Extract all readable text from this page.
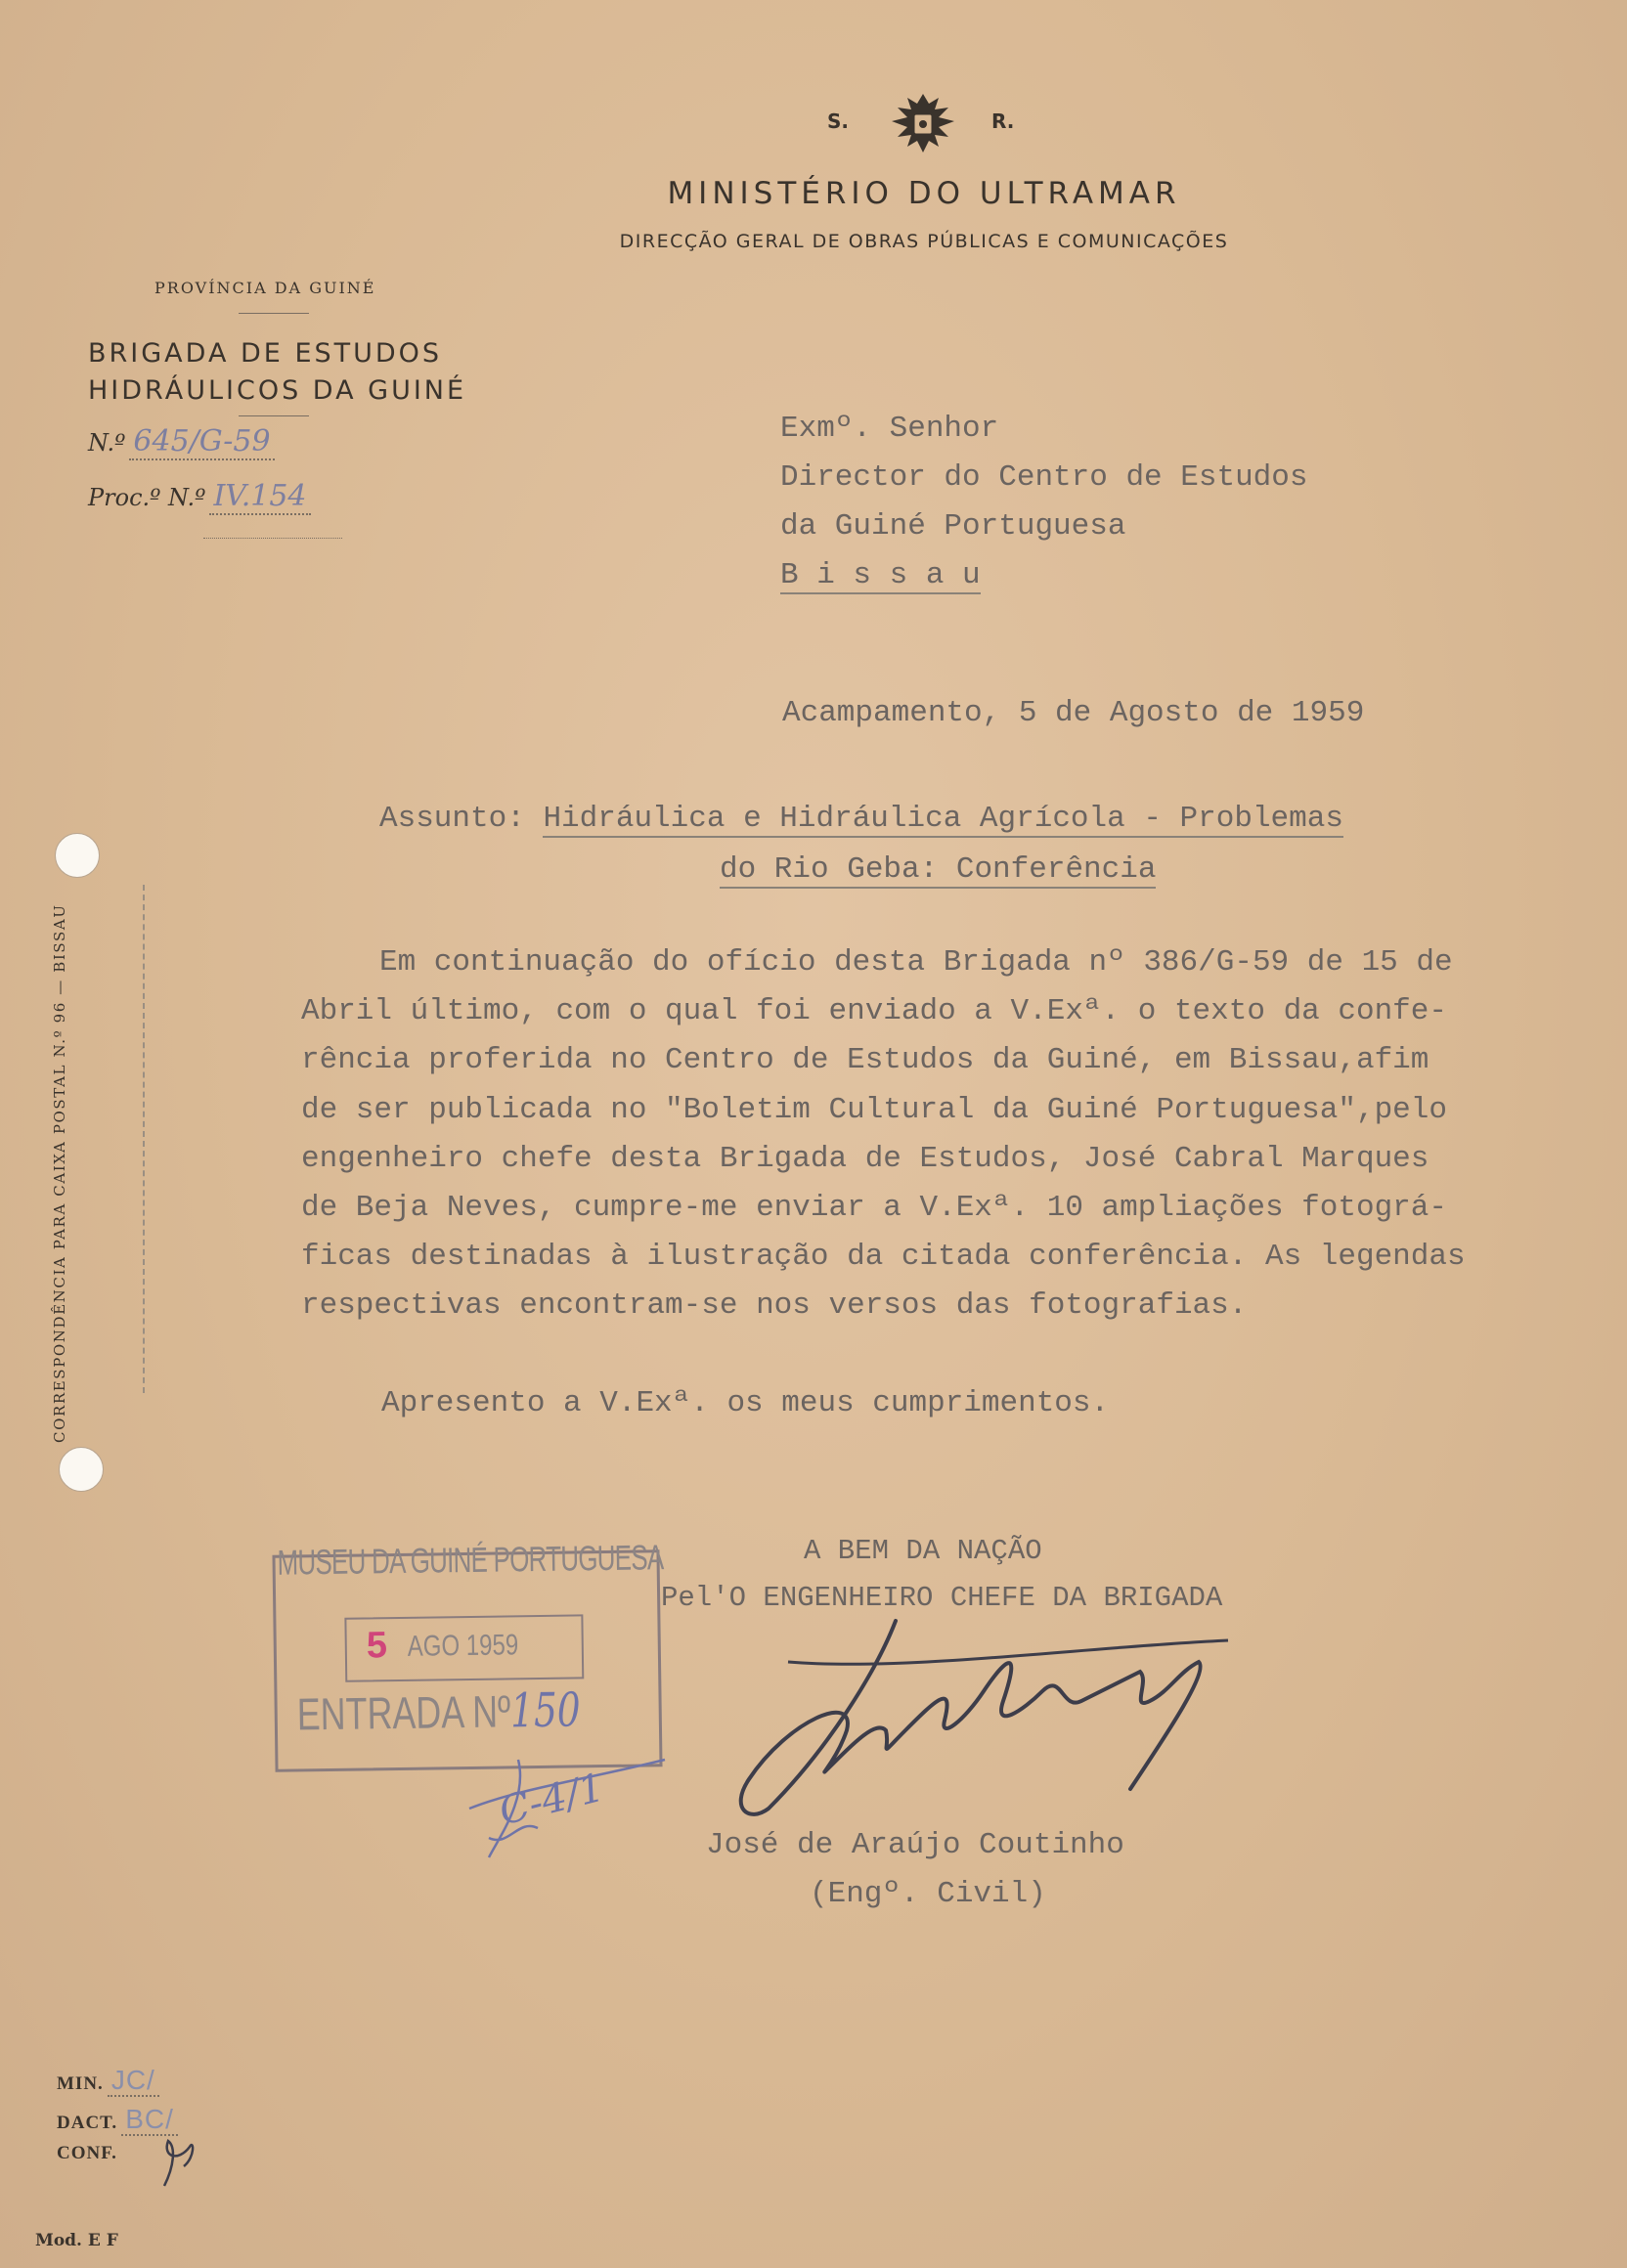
S.	R.
MINISTÉRIO DO ULTRAMAR
DIRECÇÃO GERAL DE OBRAS PÚBLICAS E COMUNICAÇÕES
PROVÍNCIA DA GUINÉ
BRIGADA DE ESTUDOS
HIDRÁULICOS DA GUINÉ
N.º 645/G-59
Proc.º N.º IV.154
Exmº. Senhor
Director do Centro de Estudos
da Guiné Portuguesa
B i s s a u
Acampamento, 5 de Agosto de 1959
Assunto: Hidráulica e Hidráulica Agrícola - Problemas
do Rio Geba: Conferência
Em continuação do ofício desta Brigada nº 386/G-59 de 15 de
Abril último, com o qual foi enviado a V.Exª. o texto da confe-
rência proferida no Centro de Estudos da Guiné, em Bissau,afim
de ser publicada no "Boletim Cultural da Guiné Portuguesa",pelo
engenheiro chefe desta Brigada de Estudos, José Cabral Marques
de Beja Neves, cumpre-me enviar a V.Exª. 10 ampliações fotográ-
ficas destinadas à ilustração da citada conferência. As legendas
respectivas encontram-se nos versos das fotografias.
Apresento a V.Exª. os meus cumprimentos.
A BEM DA NAÇÃO
Pel'O ENGENHEIRO CHEFE DA BRIGADA
José de Araújo Coutinho
(Engº. Civil)
MUSEU DA GUINÉ PORTUGUESA
5 AGO 1959
ENTRADA Nº150
C-4/1
CORRESPONDÊNCIA PARA CAIXA POSTAL N.º 96 — BISSAU
MIN. JC/
DACT. BC/
CONF.
Mod. E F
